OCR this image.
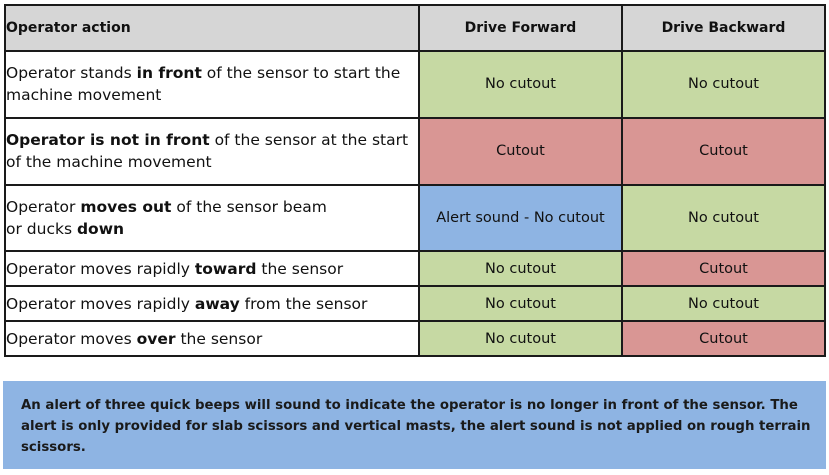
Operator action	Drive Forward	Drive Backward
Operator stands in front of the sensor to start the machine movement	No cutout	No cutout
Operator is not in front of the sensor at the start of the machine movement	Cutout	Cutout
Operator moves out of the sensor beam
or ducks down	Alert sound - No cutout	No cutout
Operator moves rapidly toward the sensor	No cutout	Cutout
Operator moves rapidly away from the sensor	No cutout	No cutout
Operator moves over the sensor	No cutout	Cutout
An alert of three quick beeps will sound to indicate the operator is no longer in front of the sensor. The alert is only provided for slab scissors and vertical masts, the alert sound is not applied on rough terrain scissors.
